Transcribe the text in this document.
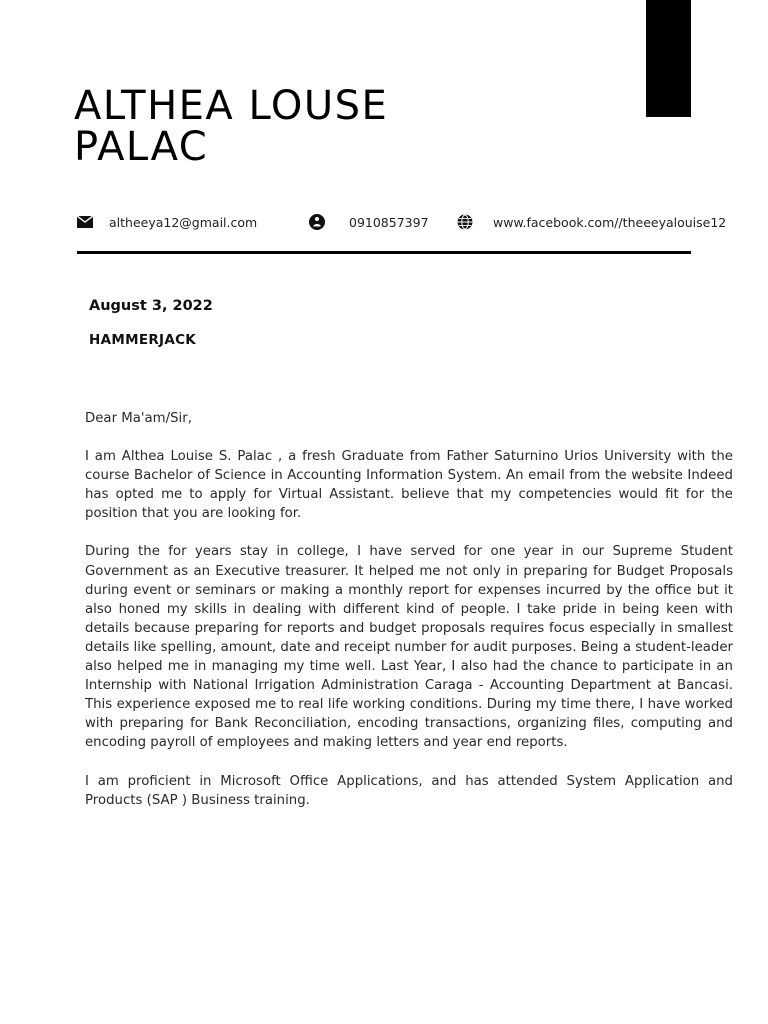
ALTHEA LOUSE
PALAC
altheeya12@gmail.com	0910857397	www.facebook.com//theeeyalouise12
August 3, 2022
HAMMERJACK

Dear Ma'am/Sir,

I am Althea Louise S. Palac , a fresh Graduate from Father Saturnino Urios University with the course Bachelor of Science in Accounting Information System. An email from the website Indeed has opted me to apply for Virtual Assistant. believe that my competencies would fit for the position that you are looking for.

During the for years stay in college, I have served for one year in our Supreme Student Government as an Executive treasurer. It helped me not only in preparing for Budget Proposals during event or seminars or making a monthly report for expenses incurred by the office but it also honed my skills in dealing with different kind of people. I take pride in being keen with details because preparing for reports and budget proposals requires focus especially in smallest details like spelling, amount, date and receipt number for audit purposes. Being a student-leader also helped me in managing my time well. Last Year, I also had the chance to participate in an Internship with National Irrigation Administration Caraga - Accounting Department at Bancasi. This experience exposed me to real life working conditions. During my time there, I have worked with preparing for Bank Reconciliation, encoding transactions, organizing files, computing and encoding payroll of employees and making letters and year end reports.

I am proficient in Microsoft Office Applications, and has attended System Application and Products (SAP ) Business training.
